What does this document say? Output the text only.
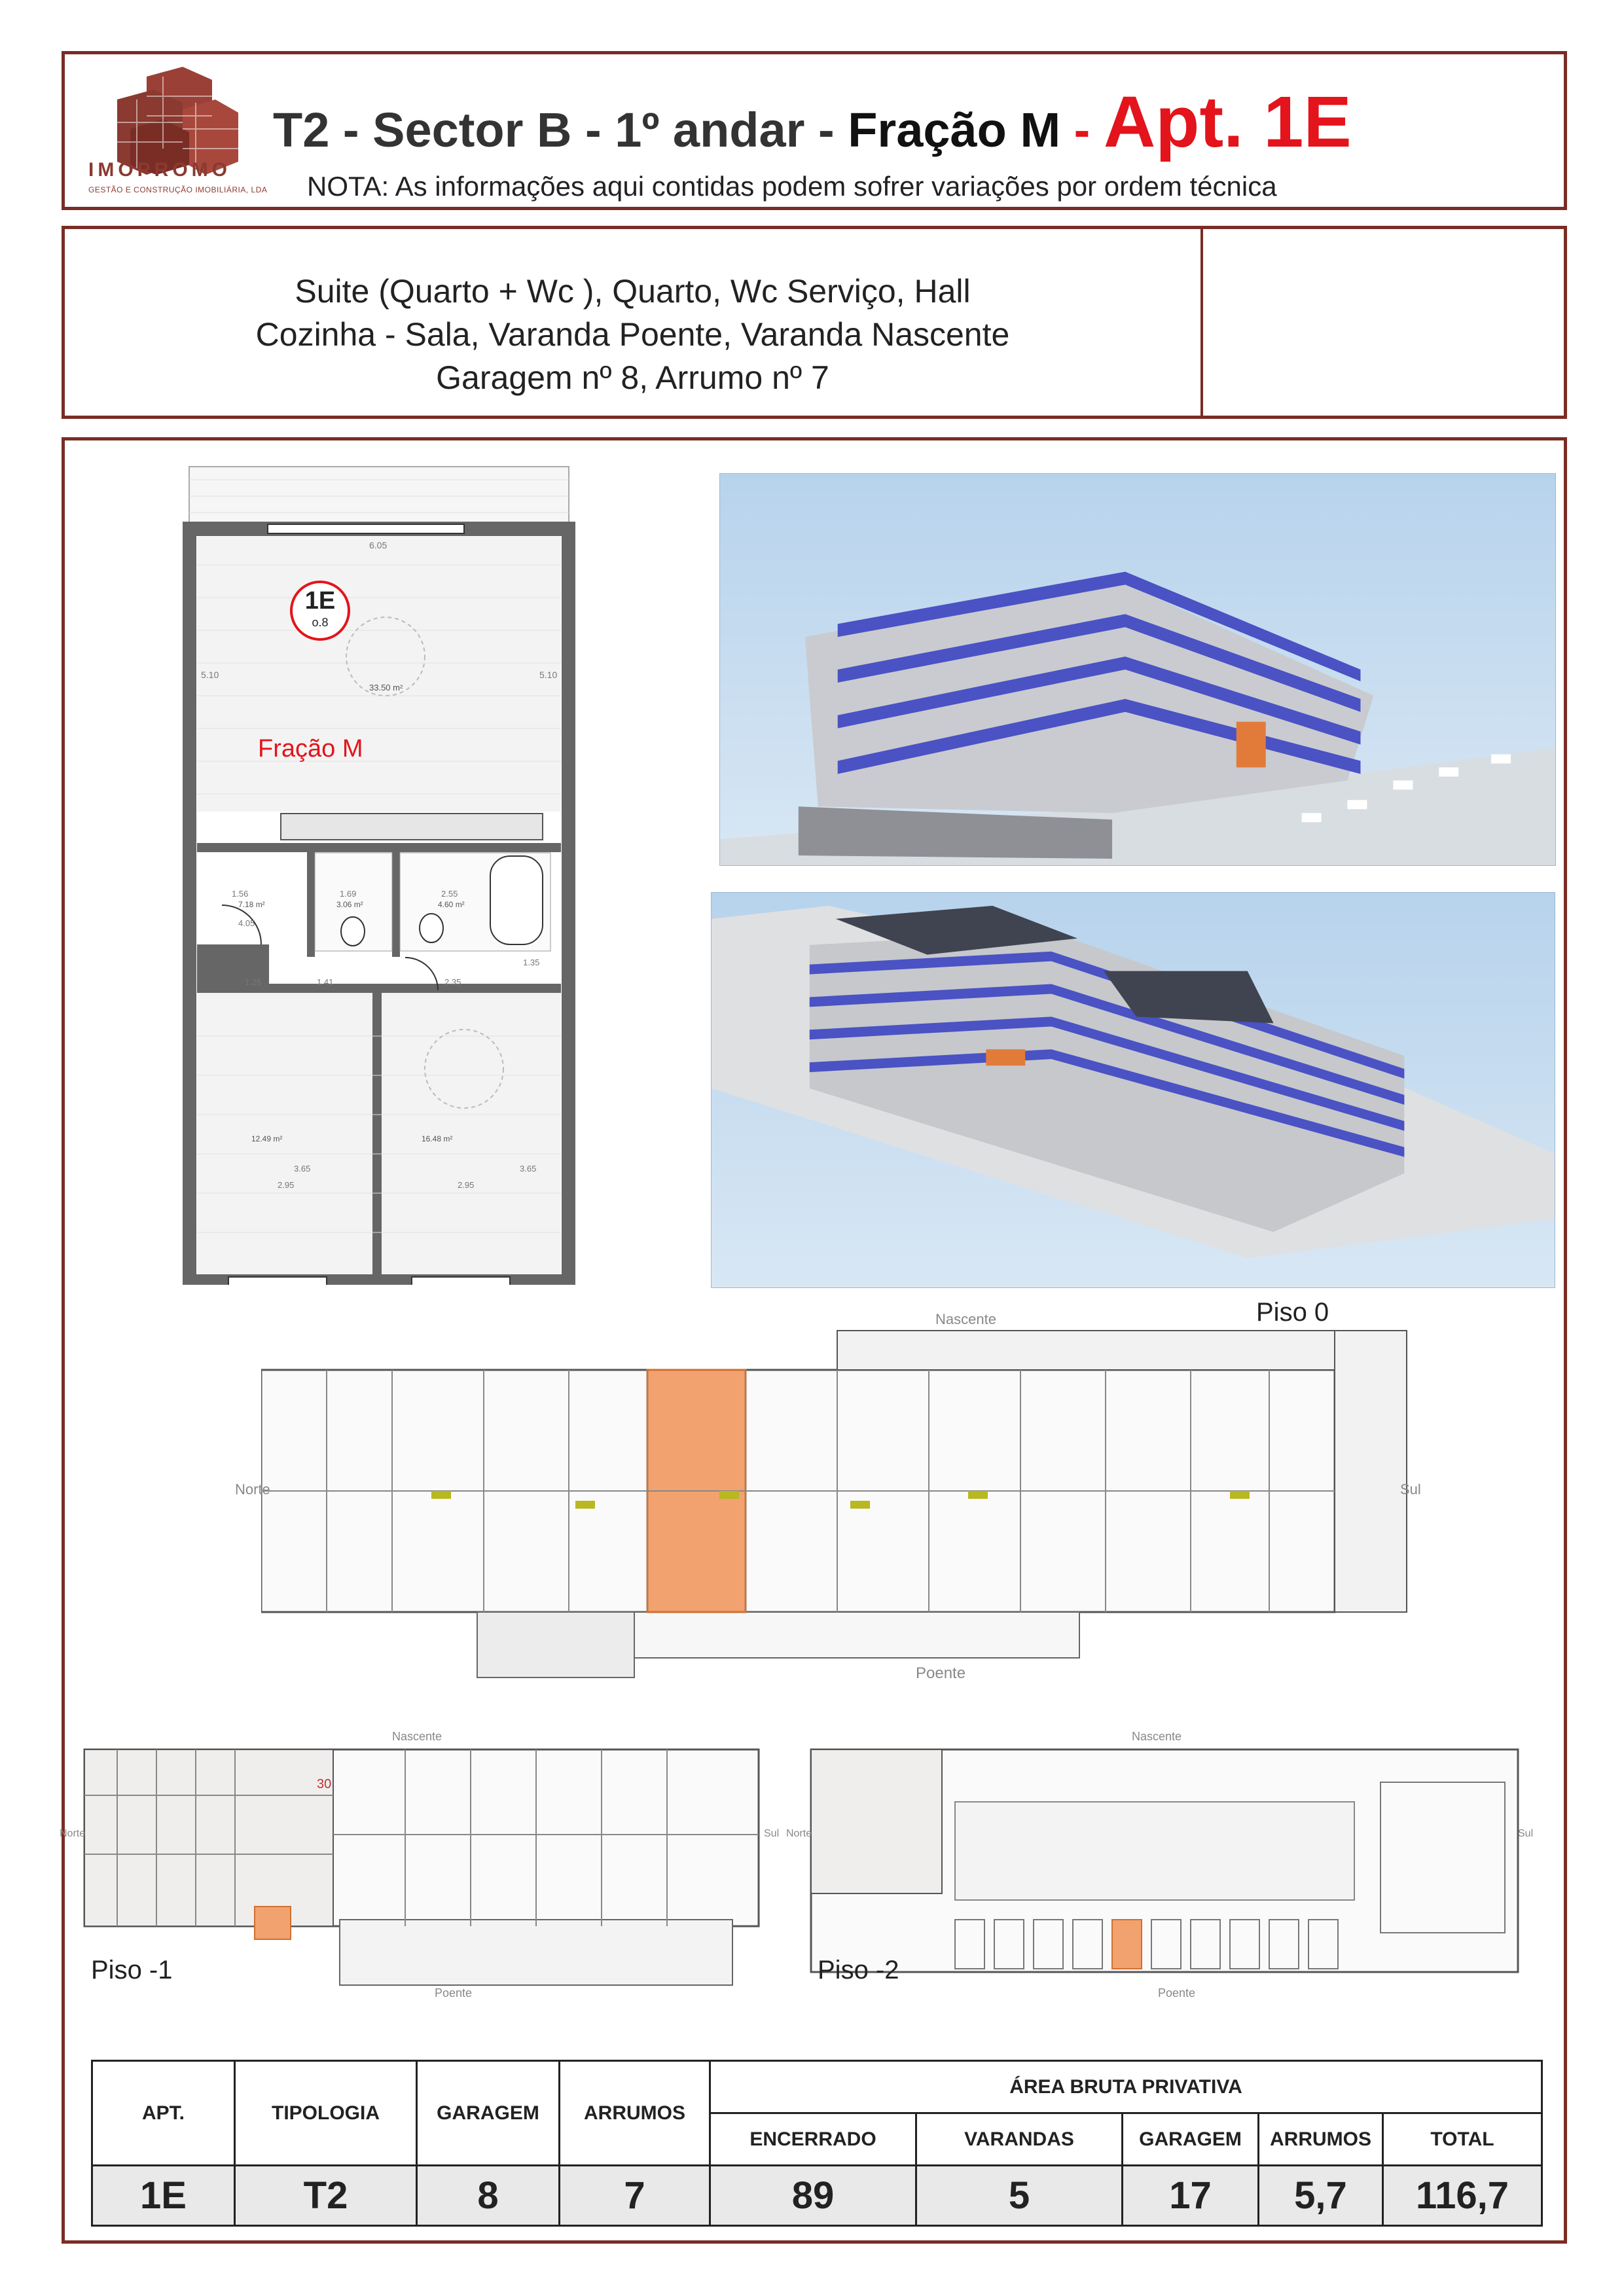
IMOPROMO
GESTÃO E CONSTRUÇÃO IMOBILIÁRIA, LDA
T2 - Sector B - 1º andar - Fração M - Apt. 1E
NOTA: As informações aqui contidas podem sofrer variações por ordem técnica
Suite (Quarto + Wc ), Quarto, Wc Serviço, Hall
Cozinha - Sala, Varanda Poente, Varanda Nascente
Garagem nº 8, Arrumo nº 7
1E
o.8
Fração M
6.05
5.10	5.10
33.50 m²
1.56
7.18 m²
1.69
3.06 m²
2.55
4.60 m²
4.05
1.35
1.26	1.41	2.35
12.49 m²	16.48 m²
3.65	3.65
2.95	2.95
Nascente
Poente
Norte	Sul
Piso 0
Nascente
Poente
Norte	Sul
30
Piso -1
Nascente
Poente
Norte	Sul
Piso -2
APT.	TIPOLOGIA	GARAGEM	ARRUMOS	ÁREA BRUTA PRIVATIVA				
				ENCERRADO	VARANDAS	GARAGEM	ARRUMOS	TOTAL
1E	T2	8	7	89	5	17	5,7	116,7
